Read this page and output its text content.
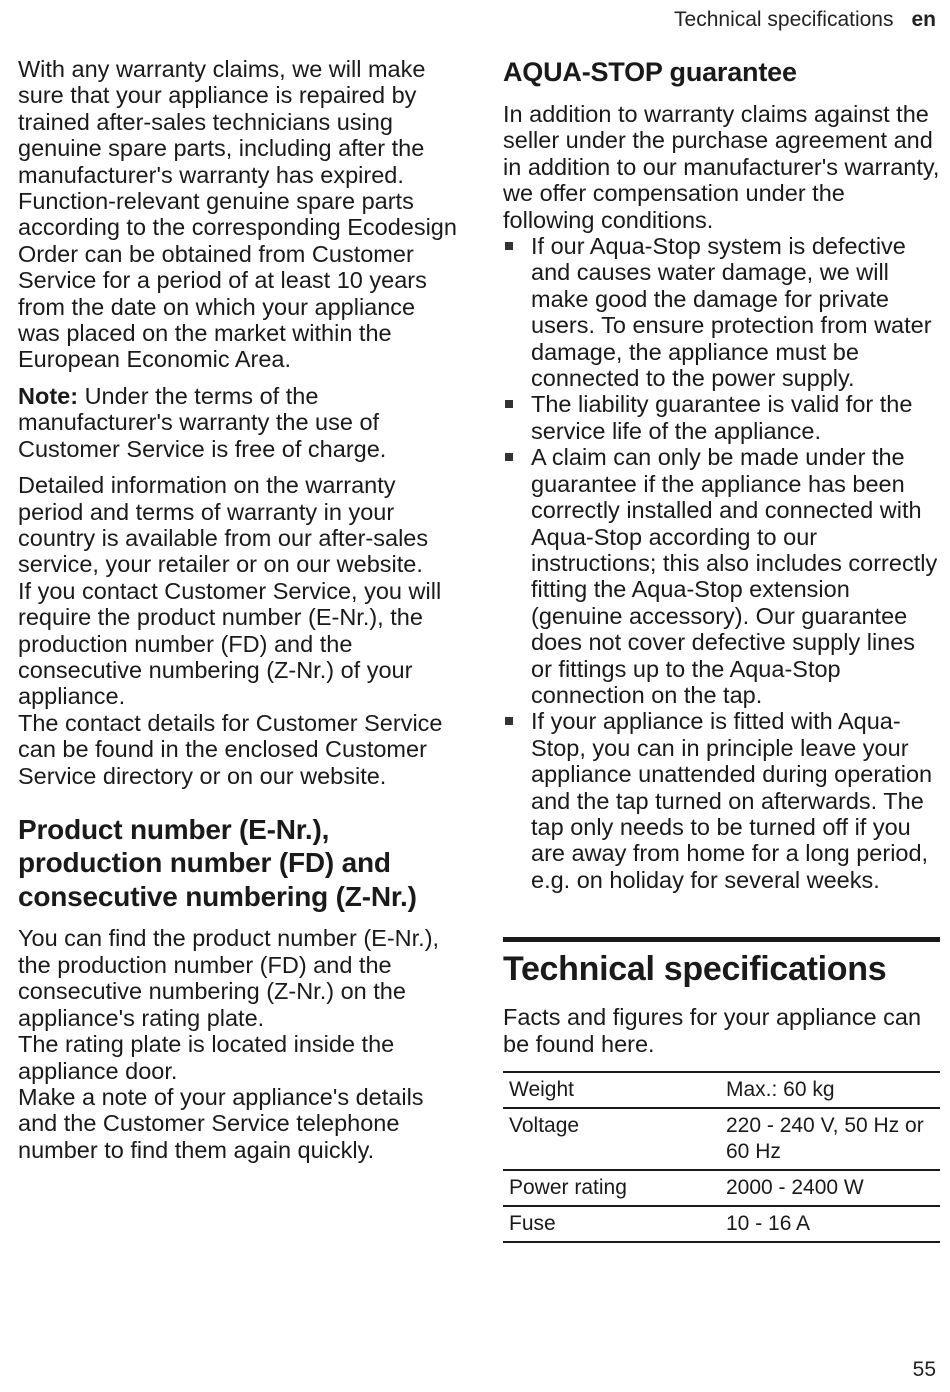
Technical specifications en

With any warranty claims, we will make sure that your appliance is repaired by trained after-sales technicians using genuine spare parts, including after the manufacturer's warranty has expired.

Function-relevant genuine spare parts according to the corresponding Ecodesign Order can be obtained from Customer Service for a period of at least 10 years from the date on which your appliance was placed on the market within the European Economic Area.

Note: Under the terms of the manufacturer's warranty the use of Customer Service is free of charge.

Detailed information on the warranty period and terms of warranty in your country is available from our after-sales service, your retailer or on our website.

If you contact Customer Service, you will require the product number (E-Nr.), the production number (FD) and the consecutive numbering (Z-Nr.) of your appliance.

The contact details for Customer Service can be found in the enclosed Customer Service directory or on our website.

Product number (E-Nr.), production number (FD) and consecutive numbering (Z-Nr.)

You can find the product number (E-Nr.), the production number (FD) and the consecutive numbering (Z-Nr.) on the appliance's rating plate.

The rating plate is located inside the appliance door.

Make a note of your appliance's details and the Customer Service telephone number to find them again quickly.

AQUA-STOP guarantee

In addition to warranty claims against the seller under the purchase agreement and in addition to our manufacturer's warranty, we offer compensation under the following conditions.

If our Aqua-Stop system is defective and causes water damage, we will make good the damage for private users. To ensure protection from water damage, the appliance must be connected to the power supply.
The liability guarantee is valid for the service life of the appliance.
A claim can only be made under the guarantee if the appliance has been correctly installed and connected with Aqua-Stop according to our instructions; this also includes correctly fitting the Aqua-Stop extension (genuine accessory). Our guarantee does not cover defective supply lines or fittings up to the Aqua-Stop connection on the tap.
If your appliance is fitted with Aqua-Stop, you can in principle leave your appliance unattended during operation and the tap turned on afterwards. The tap only needs to be turned off if you are away from home for a long period, e.g. on holiday for several weeks.
Technical specifications

Facts and figures for your appliance can be found here.

Weight	Max.: 60 kg
Voltage	220 - 240 V, 50 Hz or 60 Hz
Power rating	2000 - 2400 W
Fuse	10 - 16 A
55
